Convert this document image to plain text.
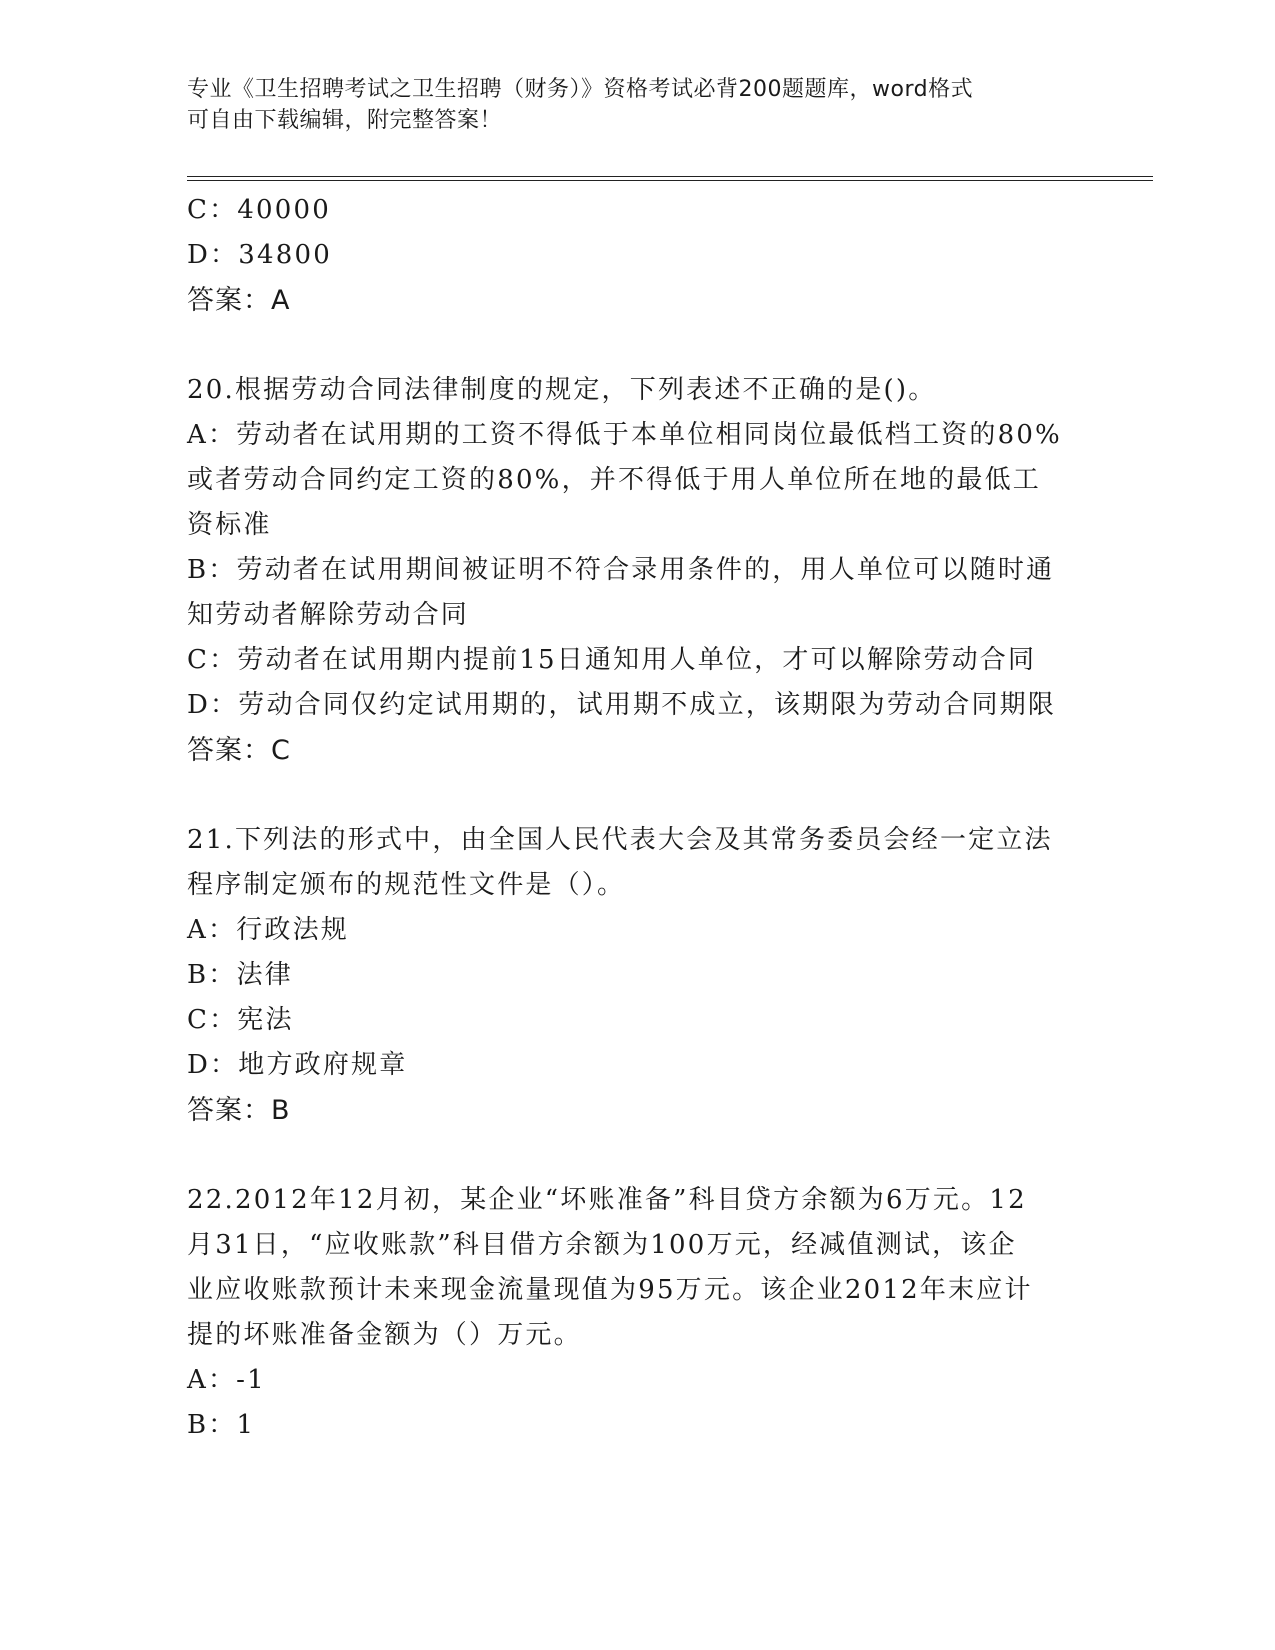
专业《卫生招聘考试之卫生招聘（财务）》资格考试必背200题题库，word格式
可自由下载编辑，附完整答案！

C：40000

D：34800

答案：A

20.根据劳动合同法律制度的规定，下列表述不正确的是()。

A：劳动者在试用期的工资不得低于本单位相同岗位最低档工资的80%

或者劳动合同约定工资的80%，并不得低于用人单位所在地的最低工

资标准

B：劳动者在试用期间被证明不符合录用条件的，用人单位可以随时通

知劳动者解除劳动合同

C：劳动者在试用期内提前15日通知用人单位，才可以解除劳动合同

D：劳动合同仅约定试用期的，试用期不成立，该期限为劳动合同期限

答案：C

21.下列法的形式中，由全国人民代表大会及其常务委员会经一定立法

程序制定颁布的规范性文件是（）。

A：行政法规

B：法律

C：宪法

D：地方政府规章

答案：B

22.2012年12月初，某企业“坏账准备”科目贷方余额为6万元。12

月31日，“应收账款”科目借方余额为100万元，经减值测试，该企

业应收账款预计未来现金流量现值为95万元。该企业2012年末应计

提的坏账准备金额为（）万元。

A：-1

B：1
